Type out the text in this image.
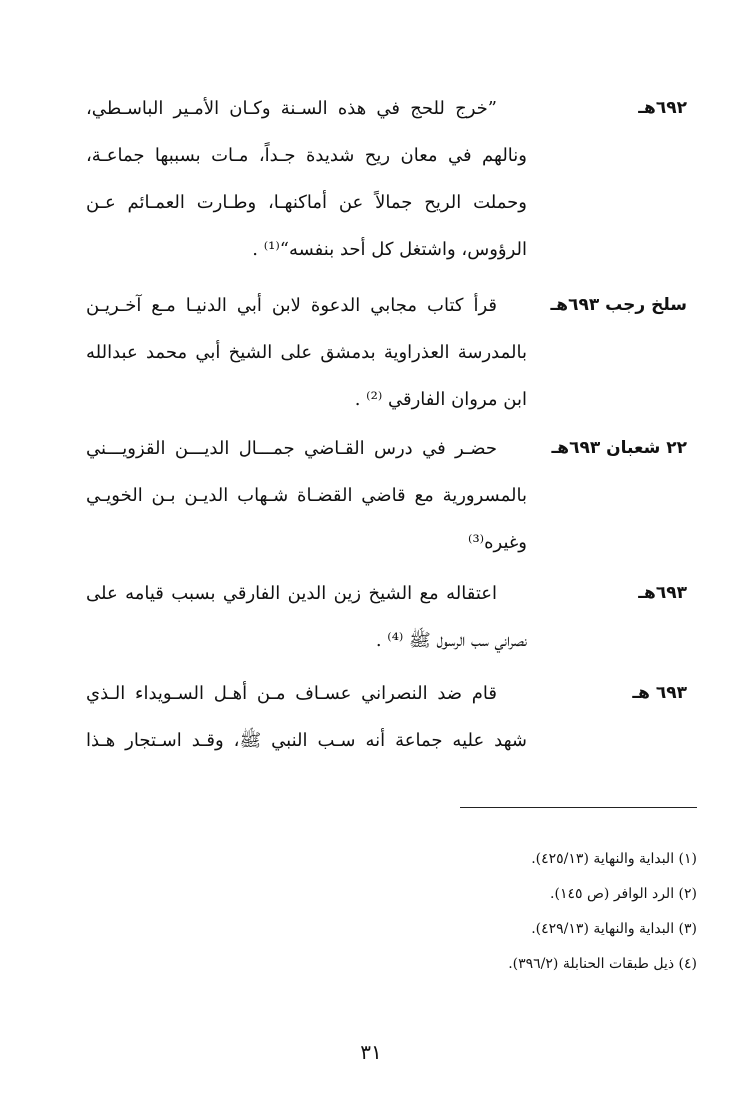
٦٩٢هـ
”خرج للحج في هذه السـنة وكـان الأمـير الباسـطي،
ونالهم في معان ريح شديدة جـداً، مـات بسببها جماعـة،
وحملت الريح جمالاً عن أماكنهـا، وطـارت العمـائم عـن
الرؤوس، واشتغل كل أحد بنفسه“⁽¹⁾ .
سلخ رجب ٦٩٣هـ
قرأ كتاب مجابي الدعوة لابن أبي الدنيـا مـع آخـريـن
بالمدرسة العذراوية بدمشق على الشيخ أبي محمد عبدالله
ابن مروان الفارقي ⁽²⁾ .
٢٢ شعبان ٦٩٣هـ
حضـر في درس القـاضي جمـــال الديـــن القزويـــني
بالمسرورية مع قاضي القضـاة شـهاب الديـن بـن الخويـي
وغيره⁽³⁾
٦٩٣هـ
اعتقاله مع الشيخ زين الدين الفارقي بسبب قيامه على
نصراني سب الرسول ﷺ ⁽⁴⁾ .
٦٩٣ هـ
قام ضد النصراني عسـاف مـن أهـل السـويداء الـذي
شهد عليه جماعة أنه سـب النبي ﷺ، وقـد اسـتجار هـذا
(١) البداية والنهاية (٤٢٥/١٣).
(٢) الرد الوافر (ص ١٤٥).
(٣) البداية والنهاية (٤٢٩/١٣).
(٤) ذيل طبقات الحنابلة (٣٩٦/٢).
٣١
